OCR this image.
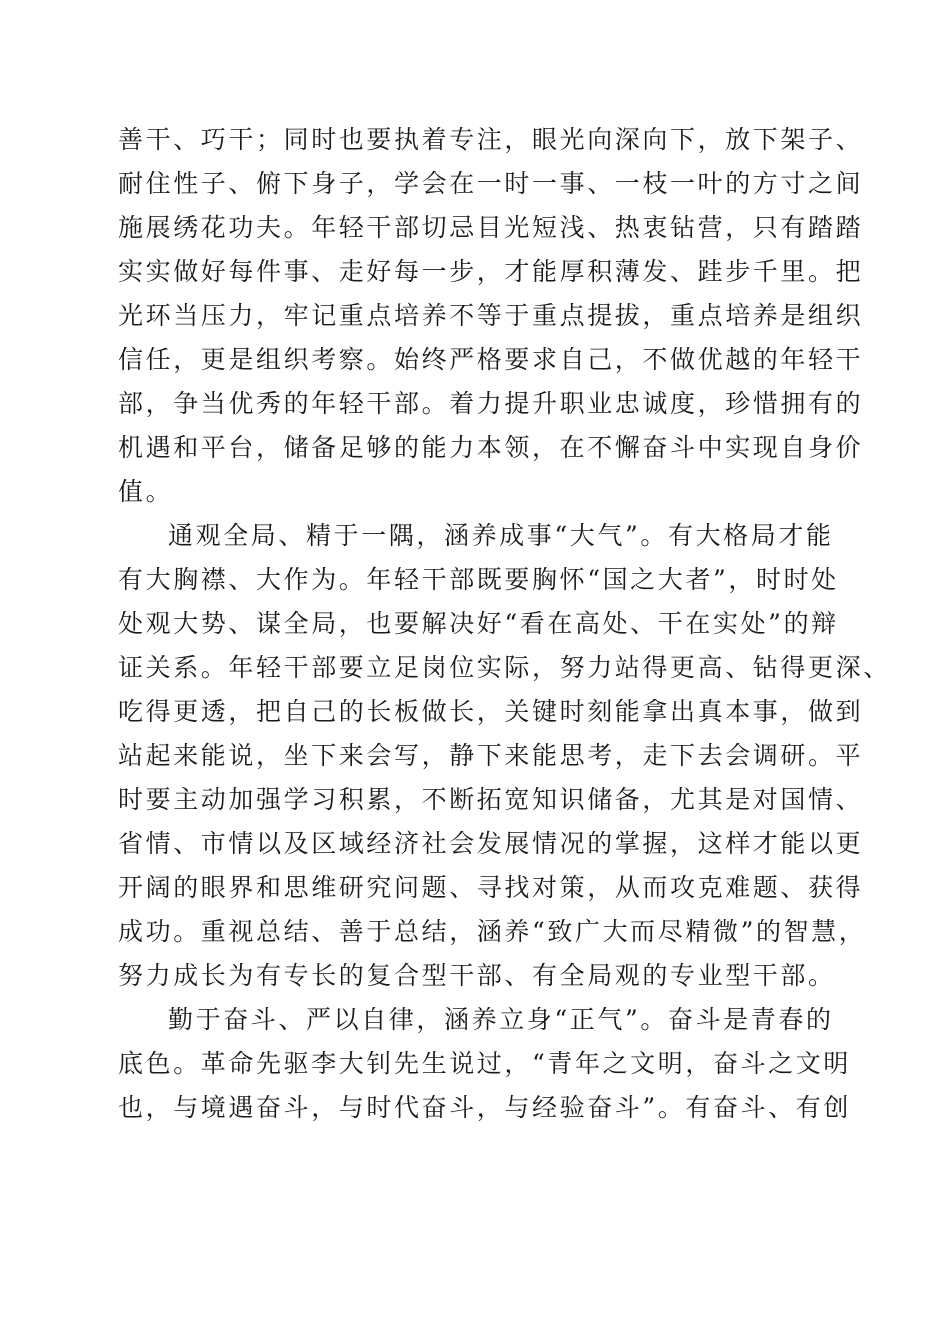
善干、巧干；同时也要执着专注，眼光向深向下，放下架子、
耐住性子、俯下身子，学会在一时一事、一枝一叶的方寸之间
施展绣花功夫。年轻干部切忌目光短浅、热衷钻营，只有踏踏
实实做好每件事、走好每一步，才能厚积薄发、跬步千里。把
光环当压力，牢记重点培养不等于重点提拔，重点培养是组织
信任，更是组织考察。始终严格要求自己，不做优越的年轻干
部，争当优秀的年轻干部。着力提升职业忠诚度，珍惜拥有的
机遇和平台，储备足够的能力本领，在不懈奋斗中实现自身价
值。
通观全局、精于一隅，涵养成事“大气”。有大格局才能
有大胸襟、大作为。年轻干部既要胸怀“国之大者”，时时处
处观大势、谋全局，也要解决好“看在高处、干在实处”的辩
证关系。年轻干部要立足岗位实际，努力站得更高、钻得更深、
吃得更透，把自己的长板做长，关键时刻能拿出真本事，做到
站起来能说，坐下来会写，静下来能思考，走下去会调研。平
时要主动加强学习积累，不断拓宽知识储备，尤其是对国情、
省情、市情以及区域经济社会发展情况的掌握，这样才能以更
开阔的眼界和思维研究问题、寻找对策，从而攻克难题、获得
成功。重视总结、善于总结，涵养“致广大而尽精微”的智慧，
努力成长为有专长的复合型干部、有全局观的专业型干部。
勤于奋斗、严以自律，涵养立身“正气”。奋斗是青春的
底色。革命先驱李大钊先生说过，“青年之文明，奋斗之文明
也，与境遇奋斗，与时代奋斗，与经验奋斗”。有奋斗、有创
